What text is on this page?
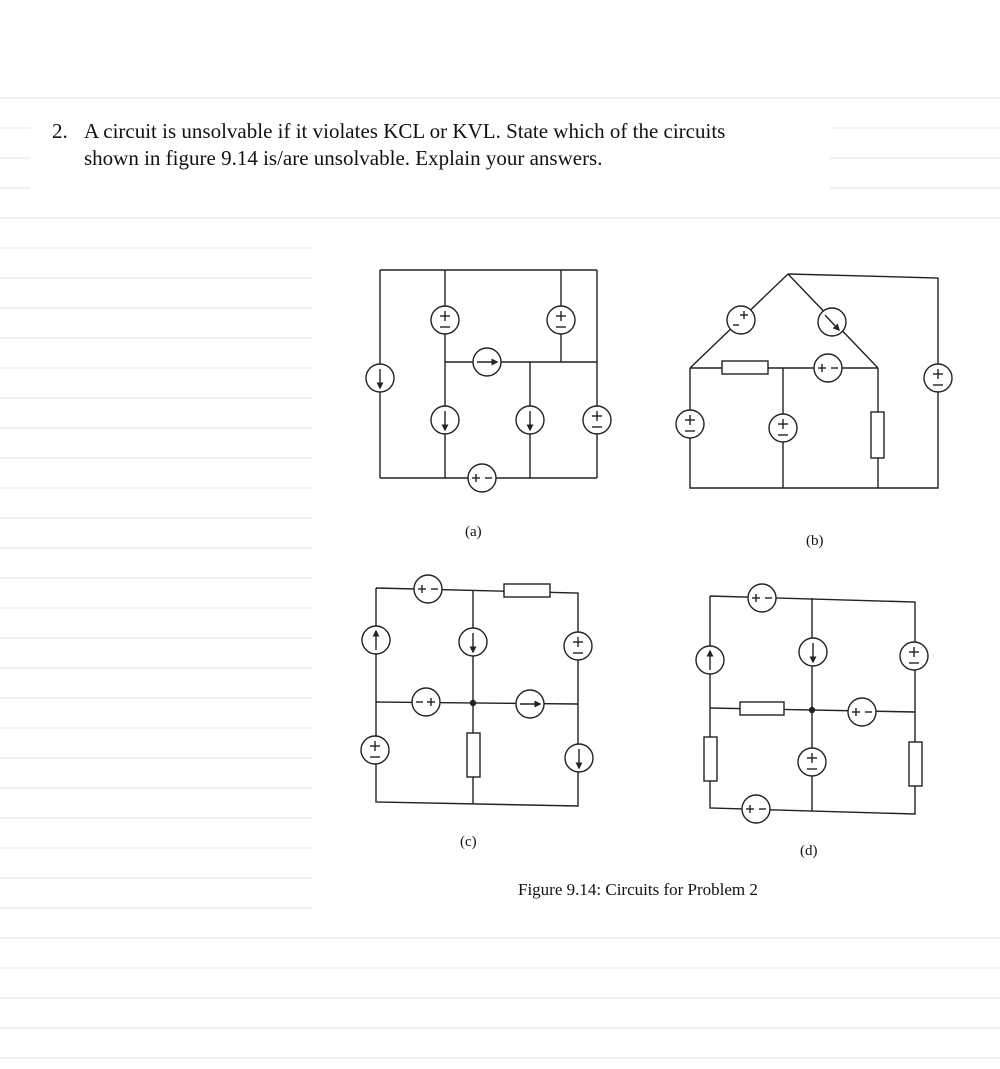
2. A circuit is unsolvable if it violates KCL or KVL. State which of the circuits
shown in figure 9.14 is/are unsolvable. Explain your answers.
(a)
(b)
(c)
(d)
Figure 9.14: Circuits for Problem 2
